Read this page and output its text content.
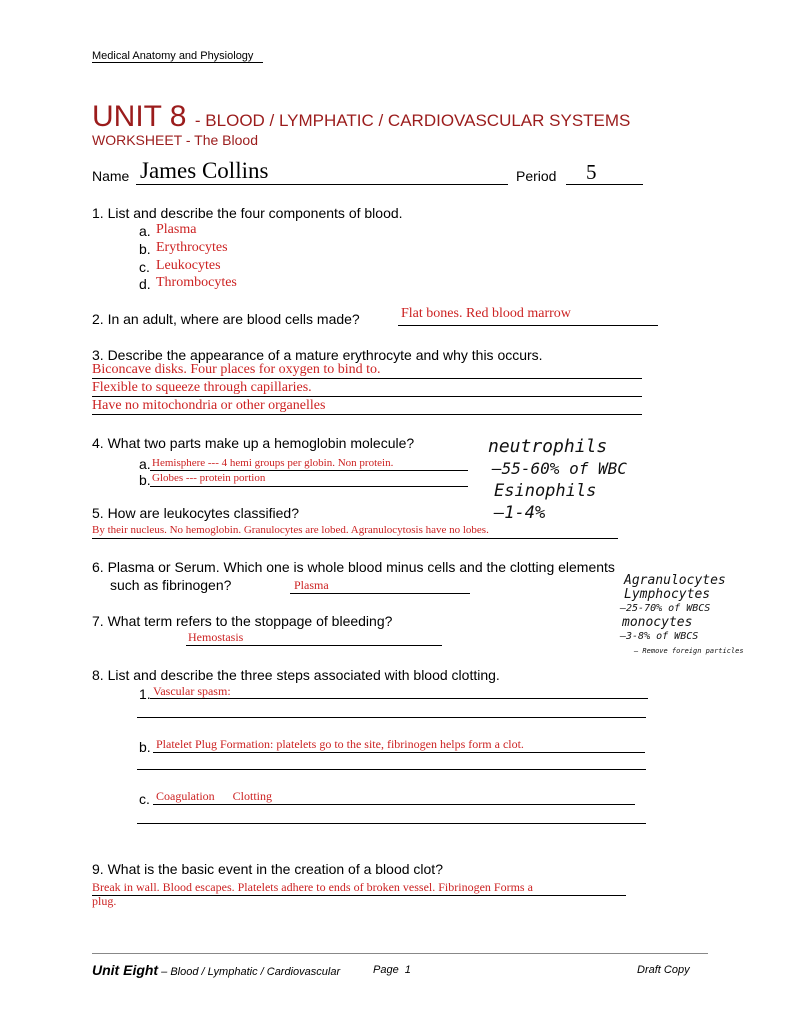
Medical Anatomy and Physiology
UNIT 8 - BLOOD / LYMPHATIC / CARDIOVASCULAR SYSTEMS
WORKSHEET - The Blood
Name James Collins	Period 5
1. List and describe the four components of blood.
a. Plasma
b. Erythrocytes
c. Leukocytes
d. Thrombocytes
2. In an adult, where are blood cells made?	Flat bones. Red blood marrow
3. Describe the appearance of a mature erythrocyte and why this occurs.
Biconcave disks. Four places for oxygen to bind to.
Flexible to squeeze through capillaries.
Have no mitochondria or other organelles
4. What two parts make up a hemoglobin molecule?
a. Hemisphere --- 4 hemi groups per globin. Non protein.
b. Globes --- protein portion
neutrophils
–55-60% of WBC
Esinophils
–1-4%
5. How are leukocytes classified?
By their nucleus. No hemoglobin. Granulocytes are lobed. Agranulocytosis have no lobes.
6. Plasma or Serum. Which one is whole blood minus cells and the clotting elements
such as fibrinogen?	Plasma	Agranulocytes
Lymphocytes
–25-70% of WBCS
monocytes
–3-8% of WBCS
– Remove foreign particles
7. What term refers to the stoppage of bleeding?
Hemostasis
8. List and describe the three steps associated with blood clotting.
1. Vascular spasm:
b. Platelet Plug Formation: platelets go to the site, fibrinogen helps form a clot.
c. Coagulation      Clotting
9. What is the basic event in the creation of a blood clot?
Break in wall. Blood escapes. Platelets adhere to ends of broken vessel. Fibrinogen Forms a
plug.
Unit Eight – Blood / Lymphatic / Cardiovascular	Page  1	Draft Copy
